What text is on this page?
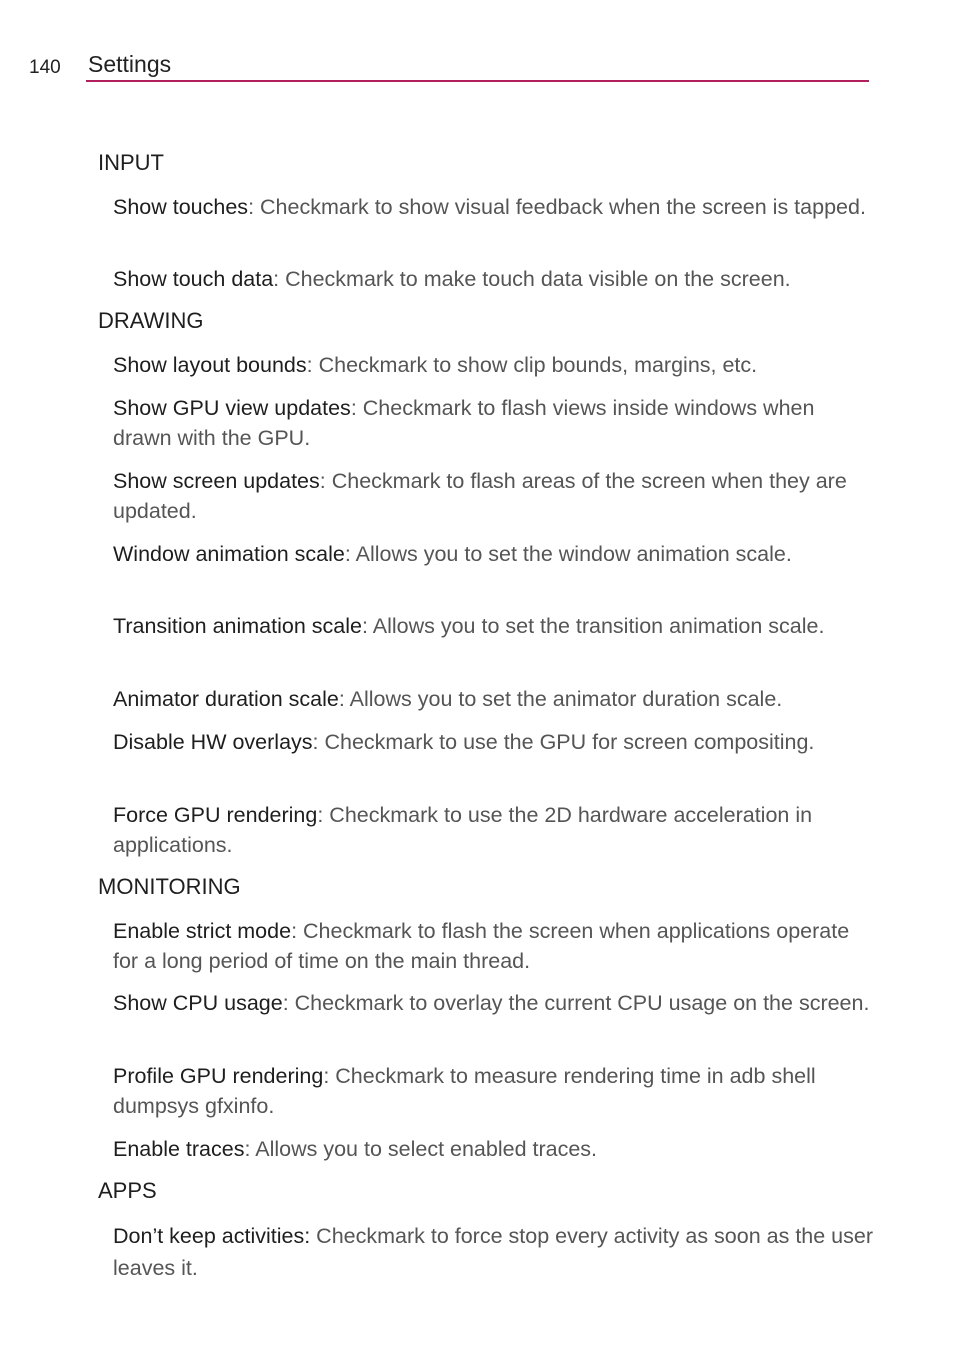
140 Settings
INPUT
Show touches: Checkmark to show visual feedback when the screen is tapped.
Show touch data: Checkmark to make touch data visible on the screen.
DRAWING
Show layout bounds: Checkmark to show clip bounds, margins, etc.
Show GPU view updates: Checkmark to flash views inside windows when drawn with the GPU.
Show screen updates: Checkmark to flash areas of the screen when they are updated.
Window animation scale: Allows you to set the window animation scale.
Transition animation scale: Allows you to set the transition animation scale.
Animator duration scale: Allows you to set the animator duration scale.
Disable HW overlays: Checkmark to use the GPU for screen compositing.
Force GPU rendering: Checkmark to use the 2D hardware acceleration in applications.
MONITORING
Enable strict mode: Checkmark to flash the screen when applications operate for a long period of time on the main thread.
Show CPU usage: Checkmark to overlay the current CPU usage on the screen.
Profile GPU rendering: Checkmark to measure rendering time in adb shell dumpsys gfxinfo.
Enable traces: Allows you to select enabled traces.
APPS
Don’t keep activities: Checkmark to force stop every activity as soon as the user leaves it.
